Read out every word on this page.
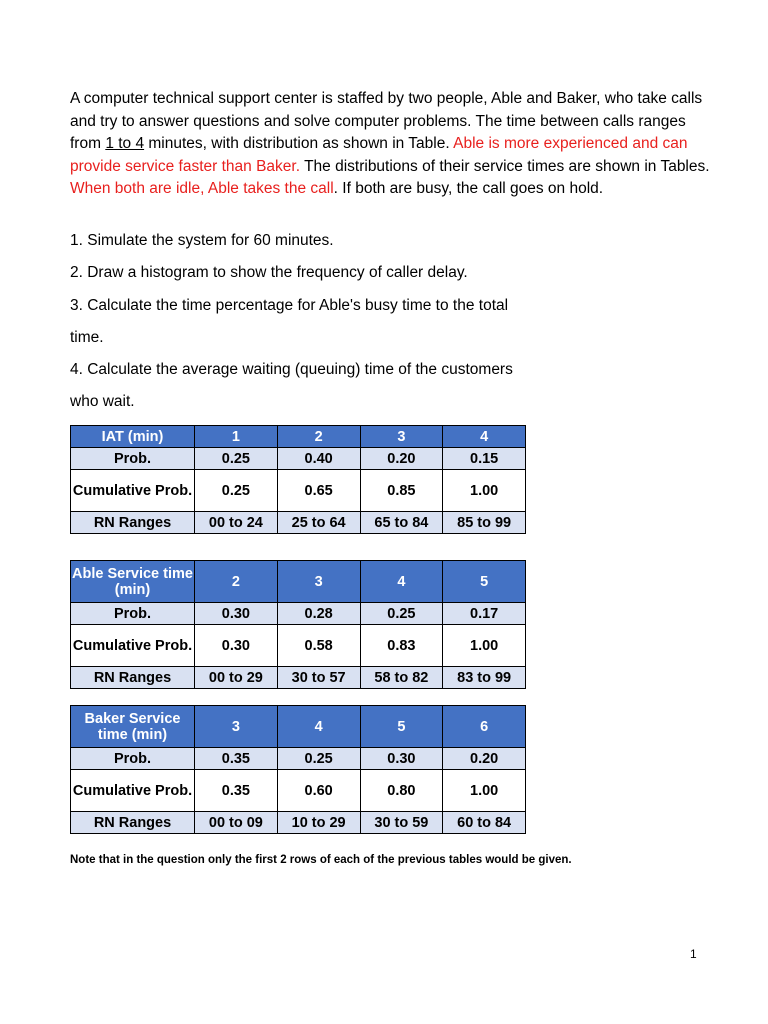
A computer technical support center is staffed by two people, Able and Baker, who take calls and try to answer questions and solve computer problems. The time between calls ranges from 1 to 4 minutes, with distribution as shown in Table. Able is more experienced and can provide service faster than Baker. The distributions of their service times are shown in Tables. When both are idle, Able takes the call. If both are busy, the call goes on hold.

1. Simulate the system for 60 minutes.

2. Draw a histogram to show the frequency of caller delay.

3. Calculate the time percentage for Able's busy time to the total

time.

4. Calculate the average waiting (queuing) time of the customers

who wait.

IAT (min)	1	2	3	4
Prob.	0.25	0.40	0.20	0.15
Cumulative Prob.	0.25	0.65	0.85	1.00
RN Ranges	00 to 24	25 to 64	65 to 84	85 to 99
Able Service time (min)	2	3	4	5
Prob.	0.30	0.28	0.25	0.17
Cumulative Prob.	0.30	0.58	0.83	1.00
RN Ranges	00 to 29	30 to 57	58 to 82	83 to 99
Baker Service time (min)	3	4	5	6
Prob.	0.35	0.25	0.30	0.20
Cumulative Prob.	0.35	0.60	0.80	1.00
RN Ranges	00 to 09	10 to 29	30 to 59	60 to 84

Note that in the question only the first 2 rows of each of the previous tables would be given.

1
